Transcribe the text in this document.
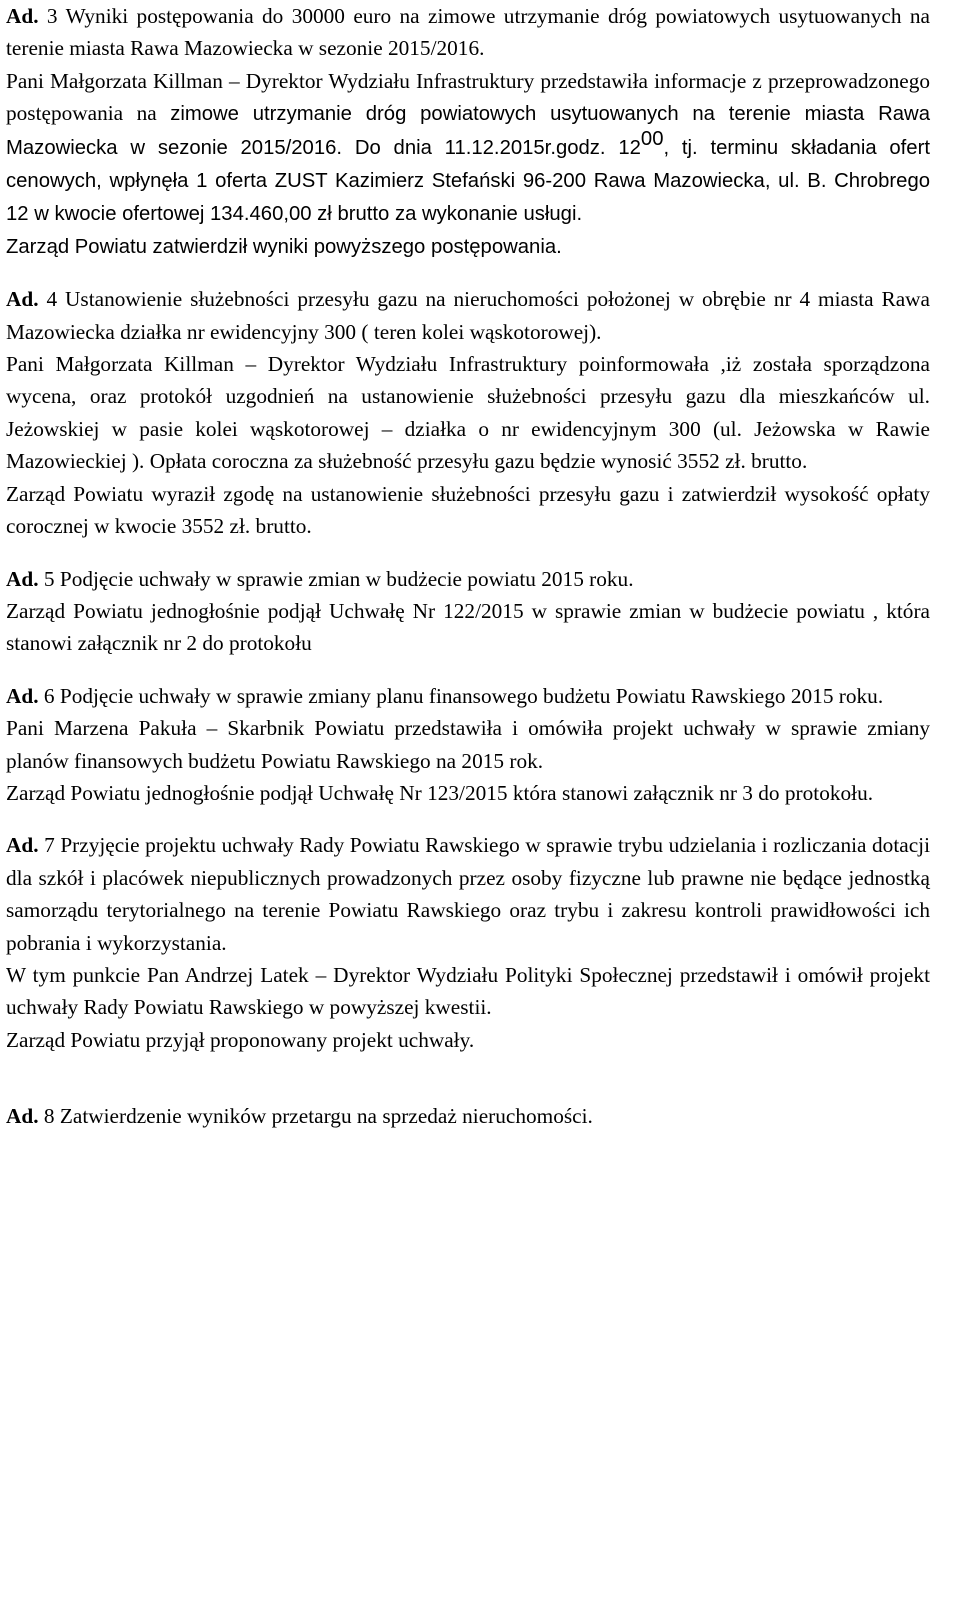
Ad. 3 Wyniki postępowania do 30000 euro na zimowe utrzymanie dróg powiatowych usytuowanych na terenie miasta Rawa Mazowiecka w sezonie 2015/2016.

Pani Małgorzata Killman – Dyrektor Wydziału Infrastruktury przedstawiła informacje z przeprowadzonego postępowania na zimowe utrzymanie dróg powiatowych usytuowanych na terenie miasta Rawa Mazowiecka w sezonie 2015/2016. Do dnia 11.12.2015r.godz. $12^{00}$, tj. terminu składania ofert cenowych, wpłynęła 1 oferta ZUST Kazimierz Stefański 96-200 Rawa Mazowiecka, ul. B. Chrobrego 12 w kwocie ofertowej 134.460,00 zł brutto za wykonanie usługi.

Zarząd Powiatu zatwierdził wyniki powyższego postępowania.

Ad. 4 Ustanowienie służebności przesyłu gazu na nieruchomości położonej w obrębie nr 4 miasta Rawa Mazowiecka działka nr ewidencyjny 300 ( teren kolei wąskotorowej).

Pani Małgorzata Killman – Dyrektor Wydziału Infrastruktury poinformowała ,iż została sporządzona wycena, oraz protokół uzgodnień na ustanowienie służebności przesyłu gazu dla mieszkańców ul. Jeżowskiej w pasie kolei wąskotorowej – działka o nr ewidencyjnym 300 (ul. Jeżowska w Rawie Mazowieckiej ). Opłata coroczna za służebność przesyłu gazu będzie wynosić 3552 zł. brutto.

Zarząd Powiatu wyraził zgodę na ustanowienie służebności przesyłu gazu i zatwierdził wysokość opłaty corocznej w kwocie 3552 zł. brutto.

Ad. 5 Podjęcie uchwały w sprawie zmian w budżecie powiatu 2015 roku.

Zarząd Powiatu jednogłośnie podjął Uchwałę Nr 122/2015 w sprawie zmian w budżecie powiatu , która stanowi załącznik nr 2 do protokołu

Ad. 6 Podjęcie uchwały w sprawie zmiany planu finansowego budżetu Powiatu Rawskiego 2015 roku.

Pani Marzena Pakuła – Skarbnik Powiatu przedstawiła i omówiła projekt uchwały w sprawie zmiany planów finansowych budżetu Powiatu Rawskiego na 2015 rok.

Zarząd Powiatu jednogłośnie podjął Uchwałę Nr 123/2015 która stanowi załącznik nr 3 do protokołu.

Ad. 7 Przyjęcie projektu uchwały Rady Powiatu Rawskiego w sprawie trybu udzielania i rozliczania dotacji dla szkół i placówek niepublicznych prowadzonych przez osoby fizyczne lub prawne nie będące jednostką samorządu terytorialnego na terenie Powiatu Rawskiego oraz trybu i zakresu kontroli prawidłowości ich pobrania i wykorzystania.

W tym punkcie Pan Andrzej Latek – Dyrektor Wydziału Polityki Społecznej przedstawił i omówił projekt uchwały Rady Powiatu Rawskiego w powyższej kwestii.

Zarząd Powiatu przyjął proponowany projekt uchwały.

Ad. 8 Zatwierdzenie wyników przetargu na sprzedaż nieruchomości.
